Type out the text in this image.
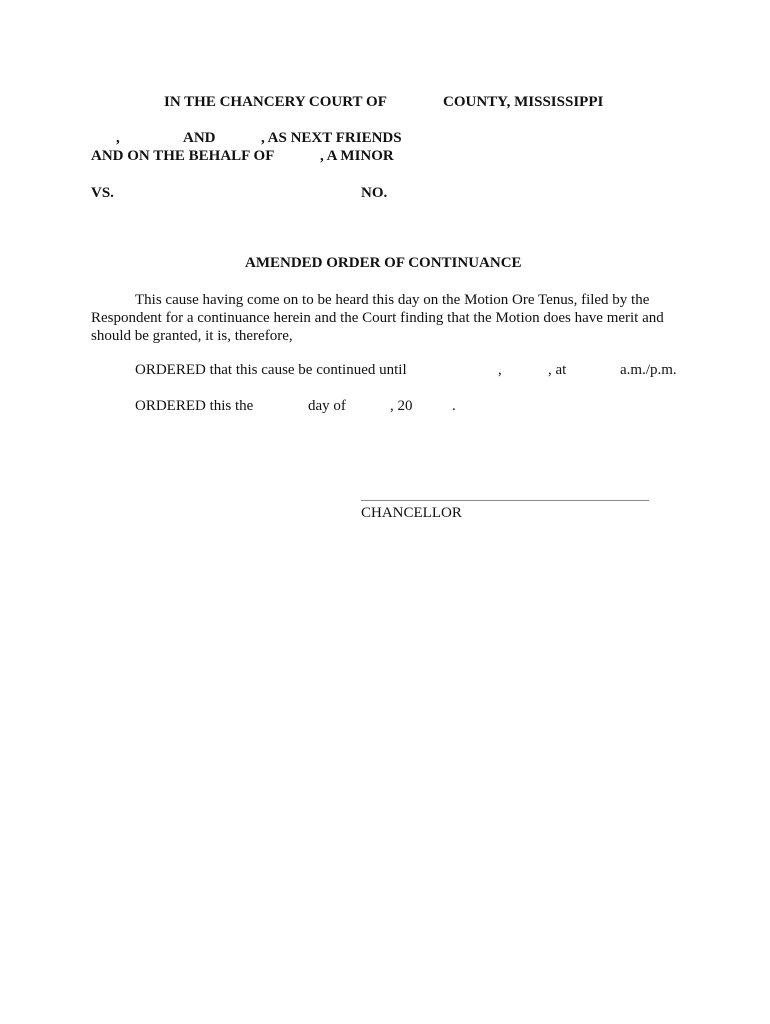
IN THE CHANCERY COURT OF	COUNTY, MISSISSIPPI
,	AND	, AS NEXT FRIENDS
AND ON THE BEHALF OF	, A MINOR
VS.	NO.
AMENDED ORDER OF CONTINUANCE
This cause having come on to be heard this day on the Motion Ore Tenus, filed by the
Respondent for a continuance herein and the Court finding that the Motion does have merit and
should be granted, it is, therefore,
ORDERED that this cause be continued until	,	, at	a.m./p.m.
ORDERED this the	day of	, 20	.
CHANCELLOR
